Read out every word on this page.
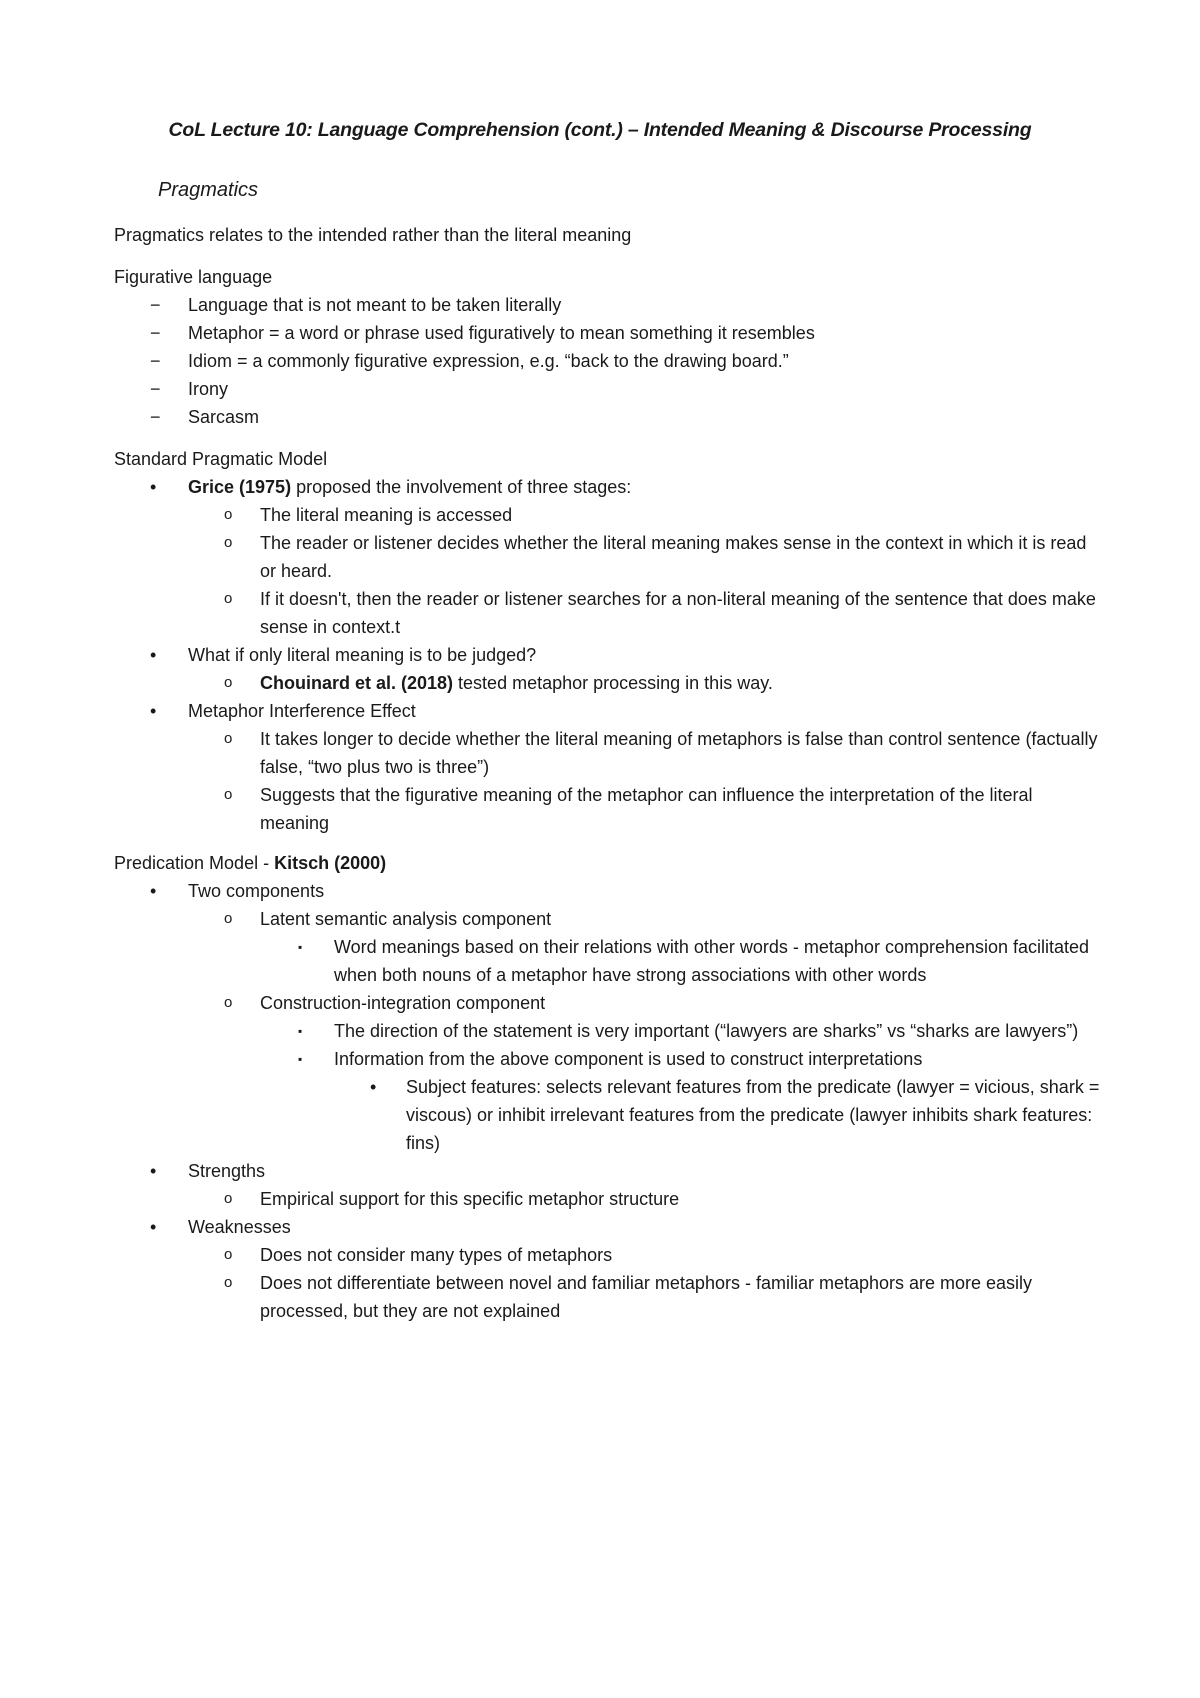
CoL Lecture 10: Language Comprehension (cont.) – Intended Meaning & Discourse Processing
Pragmatics

Pragmatics relates to the intended rather than the literal meaning

Figurative language

−	Language that is not meant to be taken literally
−	Metaphor = a word or phrase used figuratively to mean something it resembles
−	Idiom = a commonly figurative expression, e.g. “back to the drawing board.”
−	Irony
−	Sarcasm

Standard Pragmatic Model

•	Grice (1975) proposed the involvement of three stages:
o	The literal meaning is accessed
o	The reader or listener decides whether the literal meaning makes sense in the context in which it is read or heard.
o	If it doesn't, then the reader or listener searches for a non-literal meaning of the sentence that does make sense in context.t
•	What if only literal meaning is to be judged?
o	Chouinard et al. (2018) tested metaphor processing in this way.
•	Metaphor Interference Effect
o	It takes longer to decide whether the literal meaning of metaphors is false than control sentence (factually false, “two plus two is three”)
o	Suggests that the figurative meaning of the metaphor can influence the interpretation of the literal meaning

Predication Model - Kitsch (2000)

•	Two components
o	Latent semantic analysis component
▪	Word meanings based on their relations with other words - metaphor comprehension facilitated when both nouns of a metaphor have strong associations with other words
o	Construction-integration component
▪	The direction of the statement is very important (“lawyers are sharks” vs “sharks are lawyers”)
▪	Information from the above component is used to construct interpretations
•	Subject features: selects relevant features from the predicate (lawyer = vicious, shark = viscous) or inhibit irrelevant features from the predicate (lawyer inhibits shark features: fins)
•	Strengths
o	Empirical support for this specific metaphor structure
•	Weaknesses
o	Does not consider many types of metaphors
o	Does not differentiate between novel and familiar metaphors - familiar metaphors are more easily processed, but they are not explained
